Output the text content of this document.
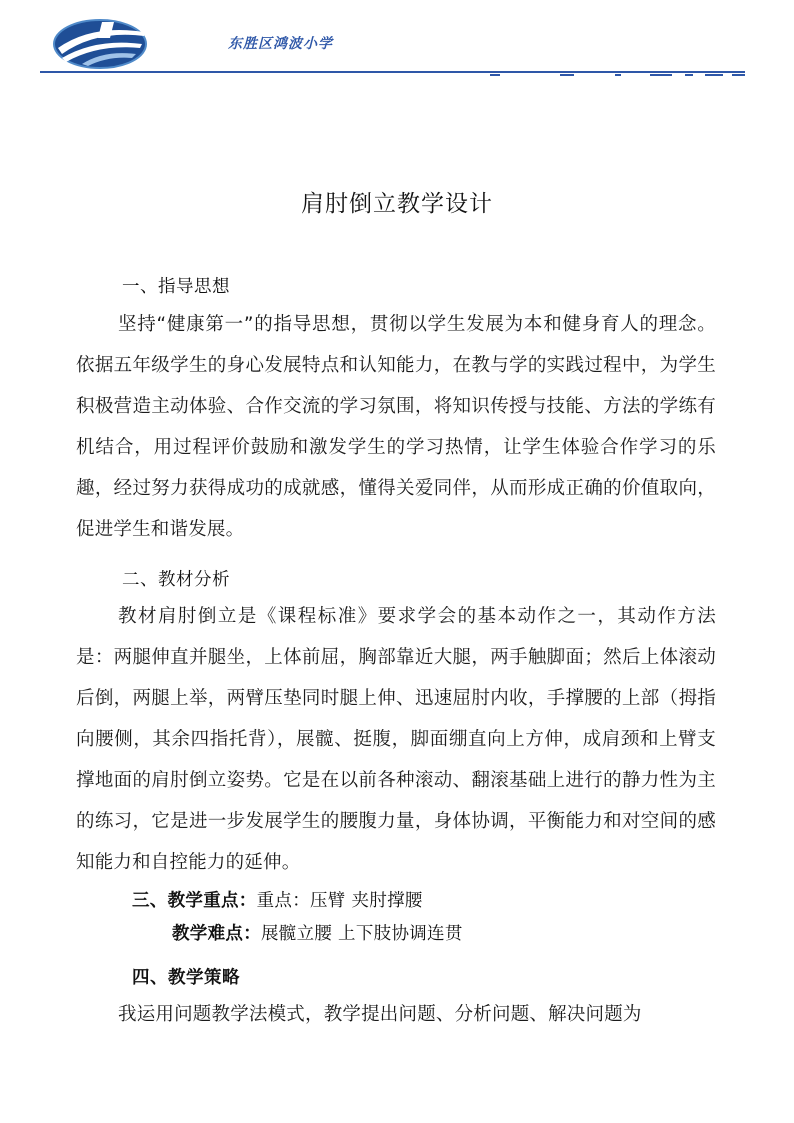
东胜区鸿波小学
肩肘倒立教学设计
一、指导思想
坚持“健康第一”的指导思想，贯彻以学生发展为本和健身育人的理念。依据五年级学生的身心发展特点和认知能力，在教与学的实践过程中，为学生积极营造主动体验、合作交流的学习氛围，将知识传授与技能、方法的学练有机结合，用过程评价鼓励和激发学生的学习热情，让学生体验合作学习的乐趣，经过努力获得成功的成就感，懂得关爱同伴，从而形成正确的价值取向，促进学生和谐发展。
二、教材分析
教材肩肘倒立是《课程标准》要求学会的基本动作之一，其动作方法是：两腿伸直并腿坐，上体前屈，胸部靠近大腿，两手触脚面；然后上体滚动后倒，两腿上举，两臂压垫同时腿上伸、迅速屈肘内收，手撑腰的上部（拇指向腰侧，其余四指托背），展髋、挺腹，脚面绷直向上方伸，成肩颈和上臂支撑地面的肩肘倒立姿势。它是在以前各种滚动、翻滚基础上进行的静力性为主的练习，它是进一步发展学生的腰腹力量，身体协调，平衡能力和对空间的感知能力和自控能力的延伸。
三、教学重点：重点：压臂 夹肘撑腰
教学难点：展髋立腰 上下肢协调连贯
四、教学策略
我运用问题教学法模式，教学提出问题、分析问题、解决问题为
